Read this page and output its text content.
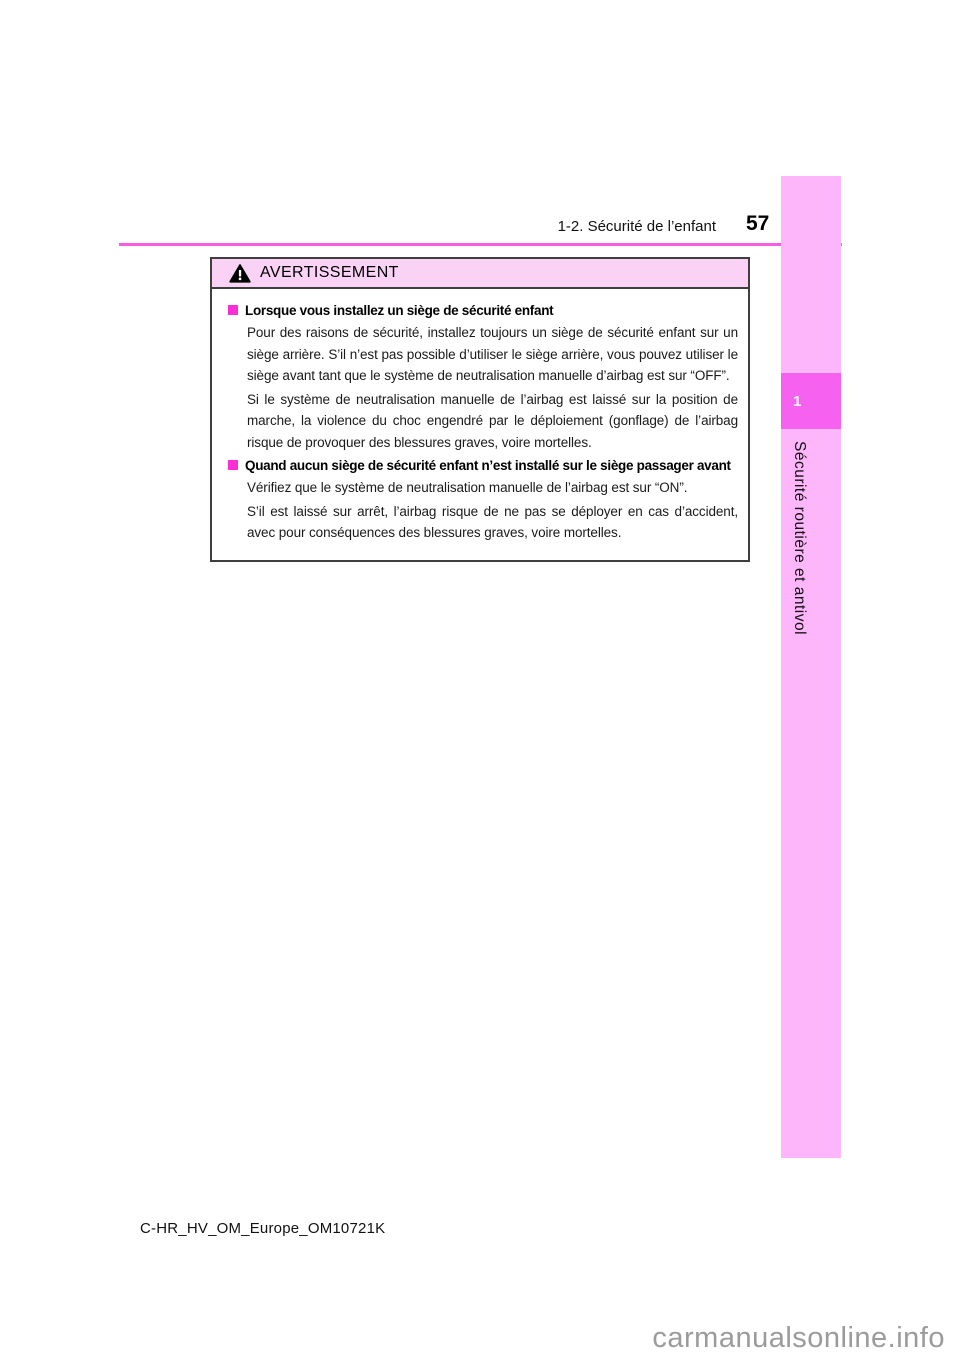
1-2. Sécurité de l’enfant 57
1
Sécurité routière et antivol
AVERTISSEMENT
Lorsque vous installez un siège de sécurité enfant

Pour des raisons de sécurité, installez toujours un siège de sécurité enfant sur un siège arrière. S’il n’est pas possible d’utiliser le siège arrière, vous pouvez utiliser le siège avant tant que le système de neutralisation manuelle d’airbag est sur “OFF”.

Si le système de neutralisation manuelle de l’airbag est laissé sur la position de marche, la violence du choc engendré par le déploiement (gonflage) de l’airbag risque de provoquer des blessures graves, voire mortelles.

Quand aucun siège de sécurité enfant n’est installé sur le siège passager avant

Vérifiez que le système de neutralisation manuelle de l’airbag est sur “ON”.

S’il est laissé sur arrêt, l’airbag risque de ne pas se déployer en cas d’accident, avec pour conséquences des blessures graves, voire mortelles.

C-HR_HV_OM_Europe_OM10721K
carmanualsonline.info
